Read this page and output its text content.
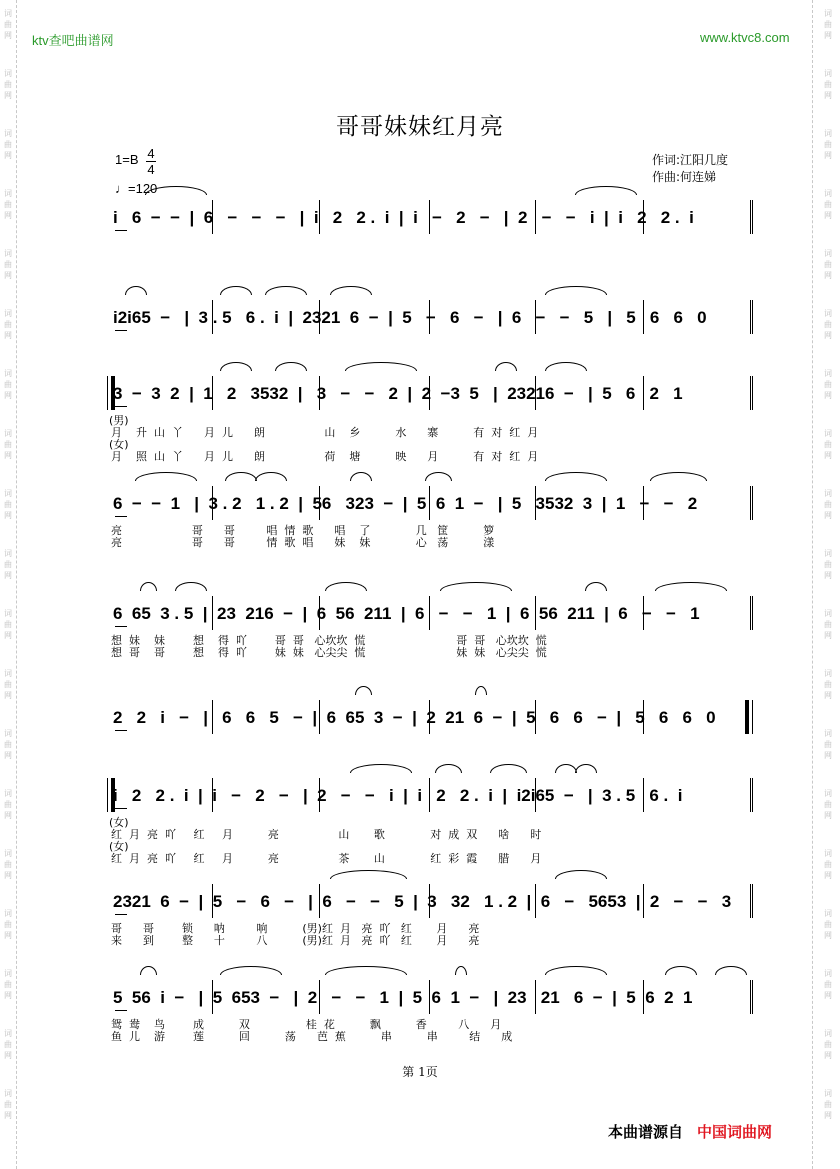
词
曲
网
词
曲
网
词
曲
网
词
曲
网
词
曲
网
词
曲
网
词
曲
网
词
曲
网
词
曲
网
词
曲
网
词
曲
网
词
曲
网
词
曲
网
词
曲
网
词
曲
网
词
曲
网
词
曲
网
词
曲
网
词
曲
网
词
曲
网
词
曲
网
词
曲
网
词
曲
网
词
曲
网
词
曲
网
词
曲
网
词
曲
网
词
曲
网
词
曲
网
词
曲
网
词
曲
网
词
曲
网
词
曲
网
词
曲
网
词
曲
网
词
曲
网
词
曲
网
词
曲
网
ktv查吧曲谱网	www.ktvc8.com
哥哥妹妹红月亮
1=B 4
4
♩=120
作词:江阳几度
作曲:何连娣
i   6  −  −  |  6   −   −   −   |  i   2   2 .  i  |  i   −   2   −   |  2   −   −   i  |  i   2   2 .  i
i2i65  −   |  3 . 5   6 .  i  |  2321  6  −  |  5   −   6   −   |  6   −   −   5   |   5   6   6   0
3  −  3  2  |  1   2   3532  |   3   −   −   2  |  2  −3  5   |  23216  −   |  5   6   2   1
(男)
月    升  山  丫      月  儿      朗                 山    乡          水      寨          有  对  红  月
(女)
月    照  山  丫      月  儿      朗                 荷    塘          映      月          有  对  红  月
6  −  −  1   |  3 . 2   1 . 2  |  56   323  −  |  5  6  1  −   |  5   3532  3  |  1   −   −   2
亮                    哥      哥         唱  情  歌      唱    了             几   筐          箩
亮                    哥      哥         情  歌  唱      妹    妹             心   荡          漾
6  65  3 . 5  |  23  216  −  |  6  56  211  |  6   −   −   1  |  6  56  211  |  6   −   −   1
想  妹    妹        想    得  吖        哥  哥   心坎坎  慌                          哥  哥   心坎坎  慌
想  哥    哥        想    得  吖        妹  妹   心尖尖  慌                          妹  妹   心尖尖  慌
2   2   i   −   |   6   6   5   −  |  6  65  3  −  |  2  21  6  −  |  5   6   6   −  |   5   6   6   0
i   2   2 .  i  |  i   −   2   −   |  2   −   −   i  |  i   2   2 .  i  |  i2i65  −   |  3 . 5   6 .  i
(女)
红  月  亮  吖     红     月          亮                 山       歌             对  成  双      啥      时
(女)
红  月  亮  吖     红     月          亮                 茶       山             红  彩  霞      腊      月
2321  6  −  |  5   −   6   −   |  6   −   −   5  |  3   32   1 . 2  |  6   −   5653  |  2   −   −   3
哥      哥        锁      呐         响          (男)红  月   亮  吖   红       月      亮
来      到        整      十         八          (男)红  月   亮  吖   红       月      亮
5  56  i  −   |  5  653  −   |  2   −   −   1  |  5  6  1  −   |  23   21   6  −  |  5  6  2  1
鸳  鸯    鸟        成          双                桂  花          飘          香         八      月
鱼  儿    游        莲          回          荡      芭  蕉          串          串         结      成
第 1页
本曲谱源自 中国词曲网
